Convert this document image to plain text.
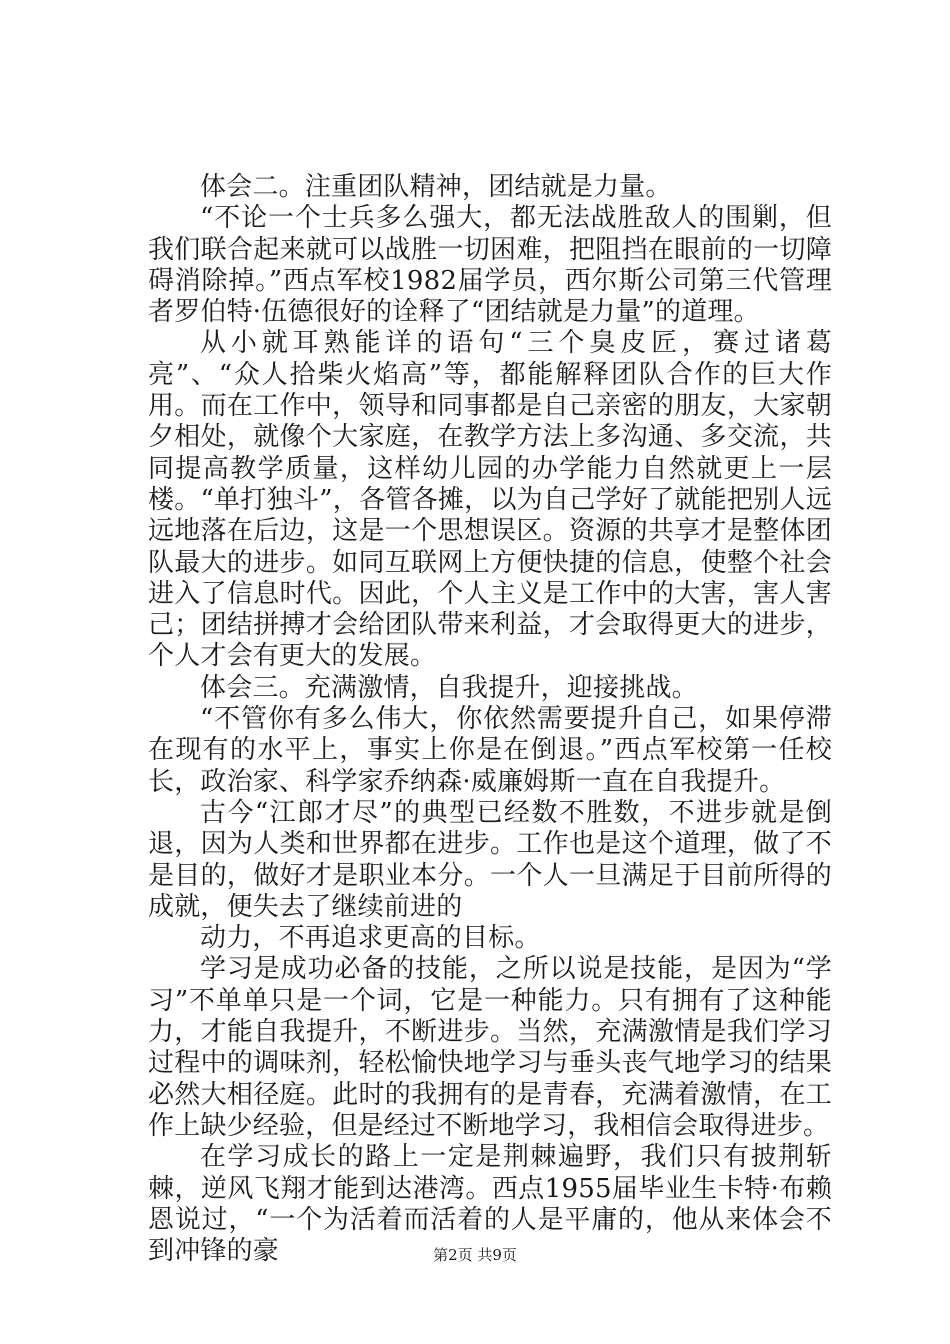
体会二。注重团队精神，团结就是力量。

“不论一个士兵多么强大，都无法战胜敌人的围剿，但我们联合起来就可以战胜一切困难，把阻挡在眼前的一切障碍消除掉。”西点军校1982届学员，西尔斯公司第三代管理者罗伯特·伍德很好的诠释了“团结就是力量”的道理。

从小就耳熟能详的语句“三个臭皮匠，赛过诸葛亮”、“众人拾柴火焰高”等，都能解释团队合作的巨大作用。而在工作中，领导和同事都是自己亲密的朋友，大家朝夕相处，就像个大家庭，在教学方法上多沟通、多交流，共同提高教学质量，这样幼儿园的办学能力自然就更上一层楼。“单打独斗”，各管各摊，以为自己学好了就能把别人远远地落在后边，这是一个思想误区。资源的共享才是整体团队最大的进步。如同互联网上方便快捷的信息，使整个社会进入了信息时代。因此，个人主义是工作中的大害，害人害己；团结拼搏才会给团队带来利益，才会取得更大的进步，个人才会有更大的发展。

体会三。充满激情，自我提升，迎接挑战。

“不管你有多么伟大，你依然需要提升自己，如果停滞在现有的水平上，事实上你是在倒退。”西点军校第一任校长，政治家、科学家乔纳森·威廉姆斯一直在自我提升。

古今“江郎才尽”的典型已经数不胜数，不进步就是倒退，因为人类和世界都在进步。工作也是这个道理，做了不是目的，做好才是职业本分。一个人一旦满足于目前所得的成就，便失去了继续前进的

动力，不再追求更高的目标。

学习是成功必备的技能，之所以说是技能，是因为“学习”不单单只是一个词，它是一种能力。只有拥有了这种能力，才能自我提升，不断进步。当然，充满激情是我们学习过程中的调味剂，轻松愉快地学习与垂头丧气地学习的结果必然大相径庭。此时的我拥有的是青春，充满着激情，在工作上缺少经验，但是经过不断地学习，我相信会取得进步。

在学习成长的路上一定是荆棘遍野，我们只有披荆斩棘，逆风飞翔才能到达港湾。西点1955届毕业生卡特·布赖恩说过，“一个为活着而活着的人是平庸的，他从来体会不到冲锋的豪	第2页 共9页
